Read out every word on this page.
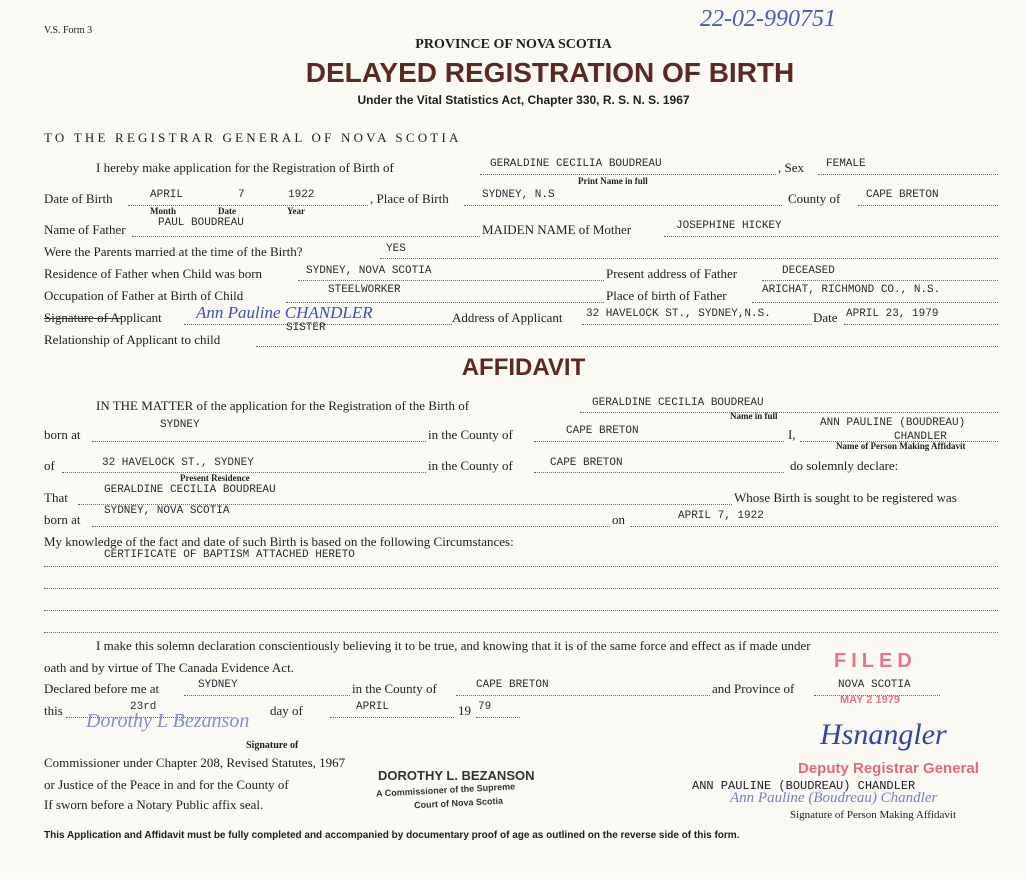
V.S. Form 3	22-02-990751
PROVINCE OF NOVA SCOTIA
DELAYED REGISTRATION OF BIRTH
Under the Vital Statistics Act, Chapter 330, R. S. N. S. 1967
TO THE REGISTRAR GENERAL OF NOVA SCOTIA
I hereby make application for the Registration of Birth of	GERALDINE CECILIA BOUDREAU	, Sex FEMALE
Print Name in full
Date of Birth	APRIL	7	1922
Month	Date	Year
, Place of Birth	SYDNEY, N.S	County of CAPE BRETON
Name of Father	PAUL BOUDREAU	MAIDEN NAME of Mother	JOSEPHINE HICKEY
Were the Parents married at the time of the Birth?	YES
Residence of Father when Child was born	SYDNEY, NOVA SCOTIA	Present address of Father	DECEASED
Occupation of Father at Birth of Child	STEELWORKER	Place of birth of Father	ARICHAT, RICHMOND CO., N.S.
Signature of Applicant Ann Pauline CHANDLER	Address of Applicant 32 HAVELOCK ST., SYDNEY,N.S.	Date APRIL 23, 1979
Relationship of Applicant to child
SISTER
AFFIDAVIT
IN THE MATTER of the application for the Registration of the Birth of	GERALDINE CECILIA BOUDREAU
Name in full
born at
SYDNEY
in the County of	CAPE BRETON	I,
ANN PAULINE (BOUDREAU)
CHANDLER
Name of Person Making Affidavit
of	32 HAVELOCK ST., SYDNEY
Present Residence
in the County of	CAPE BRETON	do solemnly declare:
That	GERALDINE CECILIA BOUDREAU	Whose Birth is sought to be registered was
born at
SYDNEY, NOVA SCOTIA
on	APRIL 7, 1922
My knowledge of the fact and date of such Birth is based on the following Circumstances:
CERTIFICATE OF BAPTISM ATTACHED HERETO
I make this solemn declaration conscientiously believing it to be true, and knowing that it is of the same force and effect as if made under
oath and by virtue of The Canada Evidence Act.	FILED
Declared before me at	SYDNEY	in the County of	CAPE BRETON	and Province of	NOVA SCOTIA
MAY 2 1979
this	23rd	day of	APRIL	19 79
Dorothy L Bezanson
Signature of
Commissioner under Chapter 208, Revised Statutes, 1967
or Justice of the Peace in and for the County of
If sworn before a Notary Public affix seal.
DOROTHY L. BEZANSON
A Commissioner of the Supreme
Court of Nova Scotia
Hsnangler
Deputy Registrar General
ANN PAULINE (BOUDREAU) CHANDLER
Ann Pauline (Boudreau) Chandler
Signature of Person Making Affidavit
This Application and Affidavit must be fully completed and accompanied by documentary proof of age as outlined on the reverse side of this form.
